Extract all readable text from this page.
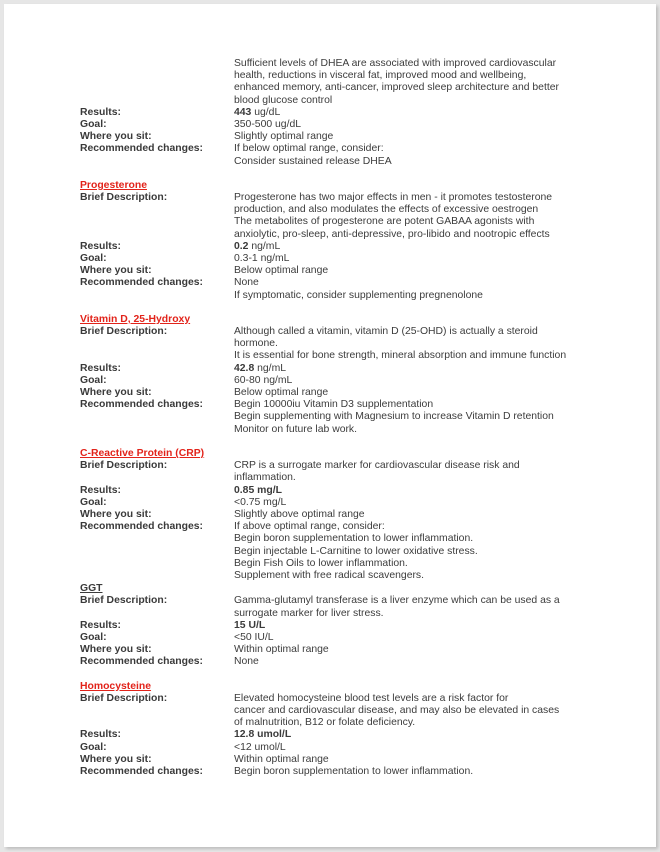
Sufficient levels of DHEA are associated with improved cardiovascular
health, reductions in visceral fat, improved mood and wellbeing,
enhanced memory, anti-cancer, improved sleep architecture and better
blood glucose control
Results:	443 ug/dL
Goal:	350-500 ug/dL
Where you sit:	Slightly optimal range
Recommended changes:	If below optimal range, consider:
Consider sustained release DHEA
Progesterone
Brief Description:	Progesterone has two major effects in men - it promotes testosterone
production, and also modulates the effects of excessive oestrogen
The metabolites of progesterone are potent GABAA agonists with
anxiolytic, pro-sleep, anti-depressive, pro-libido and nootropic effects
Results:	0.2 ng/mL
Goal:	0.3-1 ng/mL
Where you sit:	Below optimal range
Recommended changes:	None
If symptomatic, consider supplementing pregnenolone
Vitamin D, 25-Hydroxy
Brief Description:	Although called a vitamin, vitamin D (25-OHD) is actually a steroid
hormone.
It is essential for bone strength, mineral absorption and immune function
Results:	42.8 ng/mL
Goal:	60-80 ng/mL
Where you sit:	Below optimal range
Recommended changes:	Begin 10000iu Vitamin D3 supplementation
Begin supplementing with Magnesium to increase Vitamin D retention
Monitor on future lab work.
C-Reactive Protein (CRP)
Brief Description:	CRP is a surrogate marker for cardiovascular disease risk and
inflammation.
Results:	0.85 mg/L
Goal:	<0.75 mg/L
Where you sit:	Slightly above optimal range
Recommended changes:	If above optimal range, consider:
Begin boron supplementation to lower inflammation.
Begin injectable L-Carnitine to lower oxidative stress.
Begin Fish Oils to lower inflammation.
Supplement with free radical scavengers.
GGT
Brief Description:	Gamma-glutamyl transferase is a liver enzyme which can be used as a
surrogate marker for liver stress.
Results:	15 U/L
Goal:	<50 IU/L
Where you sit:	Within optimal range
Recommended changes:	None
Homocysteine
Brief Description:	Elevated homocysteine blood test levels are a risk factor for
cancer and cardiovascular disease, and may also be elevated in cases
of malnutrition, B12 or folate deficiency.
Results:	12.8 umol/L
Goal:	<12 umol/L
Where you sit:	Within optimal range
Recommended changes:	Begin boron supplementation to lower inflammation.
